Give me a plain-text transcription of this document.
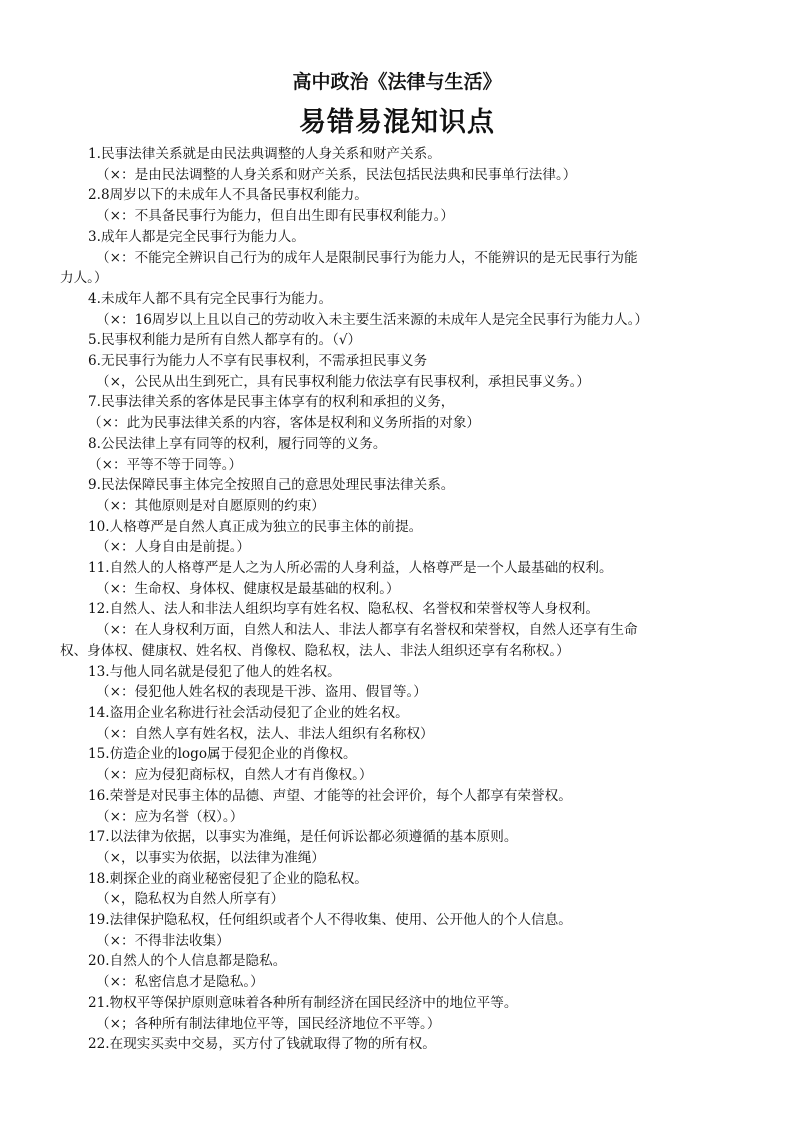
高中政治《法律与生活》
易错易混知识点
1.民事法律关系就是由民法典调整的人身关系和财产关系。
（×：是由民法调整的人身关系和财产关系，民法包括民法典和民事单行法律。）
2.8周岁以下的未成年人不具备民事权利能力。
（×：不具备民事行为能力，但自出生即有民事权利能力。）
3.成年人都是完全民事行为能力人。
（×：不能完全辨识自己行为的成年人是限制民事行为能力人，不能辨识的是无民事行为能
力人。）
4.未成年人都不具有完全民事行为能力。
（×：16周岁以上且以自己的劳动收入未主要生活来源的未成年人是完全民事行为能力人。）
5.民事权利能力是所有自然人都享有的。（√）
6.无民事行为能力人不享有民事权利，不需承担民事义务
（×，公民从出生到死亡，具有民事权利能力依法享有民事权利，承担民事义务。）
7.民事法律关系的客体是民事主体享有的权利和承担的义务，
（×：此为民事法律关系的内容，客体是权利和义务所指的对象）
8.公民法律上享有同等的权利，履行同等的义务。
（×：平等不等于同等。）
9.民法保障民事主体完全按照自己的意思处理民事法律关系。
（×：其他原则是对自愿原则的约束）
10.人格尊严是自然人真正成为独立的民事主体的前提。
（×：人身自由是前提。）
11.自然人的人格尊严是人之为人所必需的人身利益，人格尊严是一个人最基础的权利。
（×：生命权、身体权、健康权是最基础的权利。）
12.自然人、法人和非法人组织均享有姓名权、隐私权、名誉权和荣誉权等人身权利。
（×：在人身权利万面，自然人和法人、非法人都享有名誉权和荣誉权，自然人还享有生命
权、身体权、健康权、姓名权、肖像权、隐私权，法人、非法人组织还享有名称权。）
13.与他人同名就是侵犯了他人的姓名权。
（×：侵犯他人姓名权的表现是干涉、盗用、假冒等。）
14.盗用企业名称进行社会活动侵犯了企业的姓名权。
（×：自然人享有姓名权，法人、非法人组织有名称权）
15.仿造企业的logo属于侵犯企业的肖像权。
（×：应为侵犯商标权，自然人才有肖像权。）
16.荣誉是对民事主体的品德、声望、才能等的社会评价，每个人都享有荣誉权。
（×：应为名誉（权）。）
17.以法律为依据，以事实为准绳，是任何诉讼都必须遵循的基本原则。
（×，以事实为依据，以法律为准绳）
18.刺探企业的商业秘密侵犯了企业的隐私权。
（×，隐私权为自然人所享有）
19.法律保护隐私权，任何组织或者个人不得收集、使用、公开他人的个人信息。
（×：不得非法收集）
20.自然人的个人信息都是隐私。
（×：私密信息才是隐私。）
21.物权平等保护原则意味着各种所有制经济在国民经济中的地位平等。
（×；各种所有制法律地位平等，国民经济地位不平等。）
22.在现实买卖中交易，买方付了钱就取得了物的所有权。
